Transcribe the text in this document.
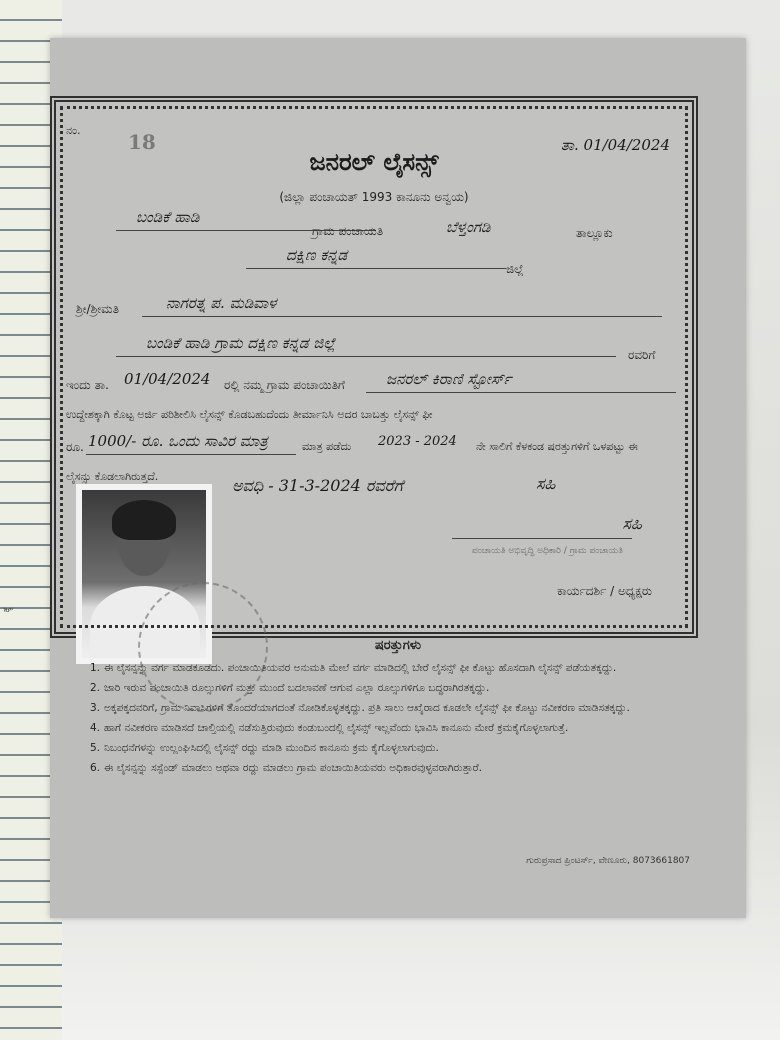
ಕ್ಕ
ನಂ. 18	ತಾ. 01/04/2024
ಜನರಲ್ ಲೈಸನ್ಸ್
(ಜಿಲ್ಲಾ ಪಂಚಾಯತ್ 1993 ಕಾನೂನು ಅನ್ವಯ)
ಬಂಡಿಕೆ ಹಾಡಿ
ಗ್ರಾಮ ಪಂಚಾಯತಿ	ಬೆಳ್ತಂಗಡಿ	ತಾಲ್ಲೂಕು
ದಕ್ಷಿಣ ಕನ್ನಡ
ಜಿಲ್ಲೆ
ಶ್ರೀ/ಶ್ರೀಮತಿ	ನಾಗರತ್ನ ಪ. ಮಡಿವಾಳ
ಬಂಡಿಕೆ ಹಾಡಿ ಗ್ರಾಮ ದಕ್ಷಿಣ ಕನ್ನಡ ಜಿಲ್ಲೆ
ರವರಿಗೆ
ಇಂದು ತಾ. 01/04/2024 ರಲ್ಲಿ ನಮ್ಮ ಗ್ರಾಮ ಪಂಚಾಯಿತಿಗೆ	ಜನರಲ್ ಕಿರಾಣಿ ಸ್ಟೋರ್ಸ್
ಉದ್ದೇಶಕ್ಕಾಗಿ ಕೊಟ್ಟ ಅರ್ಜಿ ಪರಿಶೀಲಿಸಿ ಲೈಸನ್ಸ್ ಕೊಡಬಹುದೆಂದು ತೀರ್ಮಾನಿಸಿ ಅದರ ಬಾಬತ್ತು ಲೈಸನ್ಸ್ ಫೀ
ರೂ. 1000/- ರೂ. ಒಂದು ಸಾವಿರ ಮಾತ್ರ	ಮಾತ್ರ ಪಡೆದು 2023 - 2024 ನೇ ಸಾಲಿಗೆ ಕೆಳಕಂಡ ಷರತ್ತುಗಳಿಗೆ ಒಳಪಟ್ಟು ಈ
ಲೈಸನ್ಸು ಕೊಡಲಾಗಿರುತ್ತದೆ.	ಅವಧಿ - 31-3-2024 ರವರೆಗೆ	ಸಹಿ
ಸಹಿ
ಪಂಚಾಯತಿ ಅಭಿವೃದ್ಧಿ ಅಧಿಕಾರಿ / ಗ್ರಾಮ ಪಂಚಾಯತಿ
ಕಾರ್ಯದರ್ಶಿ / ಅಧ್ಯಕ್ಷರು
ಷರತ್ತುಗಳು
1. ಈ ಲೈಸನ್ಸನ್ನು ವರ್ಗ ಮಾಡಕೂಡದು. ಪಂಚಾಯಿತಿಯವರ ಅನುಮತಿ ಮೇಲೆ ವರ್ಗ ಮಾಡಿದಲ್ಲಿ ಬೇರೆ ಲೈಸನ್ಸ್ ಫೀ ಕೊಟ್ಟು ಹೊಸದಾಗಿ ಲೈಸನ್ಸ್ ಪಡೆಯತಕ್ಕದ್ದು.
2. ಜಾರಿ ಇರುವ ಪಂಚಾಯಿತಿ ರೂಲ್ಸುಗಳಿಗೆ ಮತ್ತು ಮುಂದೆ ಬದಲಾವಣೆ ಆಗುವ ಎಲ್ಲಾ ರೂಲ್ಸುಗಳಿಗೂ ಬದ್ಧರಾಗಿರತಕ್ಕದ್ದು.
3. ಅಕ್ಕಪಕ್ಕದವರಿಗೆ, ಗ್ರಾಮ ನಿವಾಸಿಗಳಿಗೆ ತೊಂದರೆಯಾಗದಂತೆ ನೋಡಿಕೊಳ್ಳತಕ್ಕದ್ದು. ಪ್ರತಿ ಸಾಲು ಆಖೈರಾದ ಕೂಡಲೇ ಲೈಸನ್ಸ್ ಫೀ ಕೊಟ್ಟು ನವೀಕರಣ ಮಾಡಿಸತಕ್ಕದ್ದು.
4. ಹಾಗೆ ನವೀಕರಣ ಮಾಡಿಸದೆ ಚಾಲ್ತಿಯಲ್ಲಿ ನಡೆಸುತ್ತಿರುವುದು ಕಂಡುಬಂದಲ್ಲಿ ಲೈಸನ್ಸ್ ಇಲ್ಲವೆಂದು ಭಾವಿಸಿ ಕಾನೂನು ಮೇರೆ ಕ್ರಮಕೈಗೊಳ್ಳಲಾಗುತ್ತೆ.
5. ನಿಬಂಧನೆಗಳನ್ನು ಉಲ್ಲಂಘಿಸಿದಲ್ಲಿ ಲೈಸನ್ಸ್ ರದ್ದು ಮಾಡಿ ಮುಂದಿನ ಕಾನೂನು ಕ್ರಮ ಕೈಗೊಳ್ಳಲಾಗುವುದು.
6. ಈ ಲೈಸನ್ಸನ್ನು ಸಸ್ಪೆಂಡ್ ಮಾಡಲು ಅಥವಾ ರದ್ದು ಮಾಡಲು ಗ್ರಾಮ ಪಂಚಾಯಿತಿಯವರು ಅಧಿಕಾರವುಳ್ಳವರಾಗಿರುತ್ತಾರೆ.
ಗುರುಪ್ರಸಾದ ಪ್ರಿಂಟರ್ಸ್, ವೇಣೂರು, 8073661807
